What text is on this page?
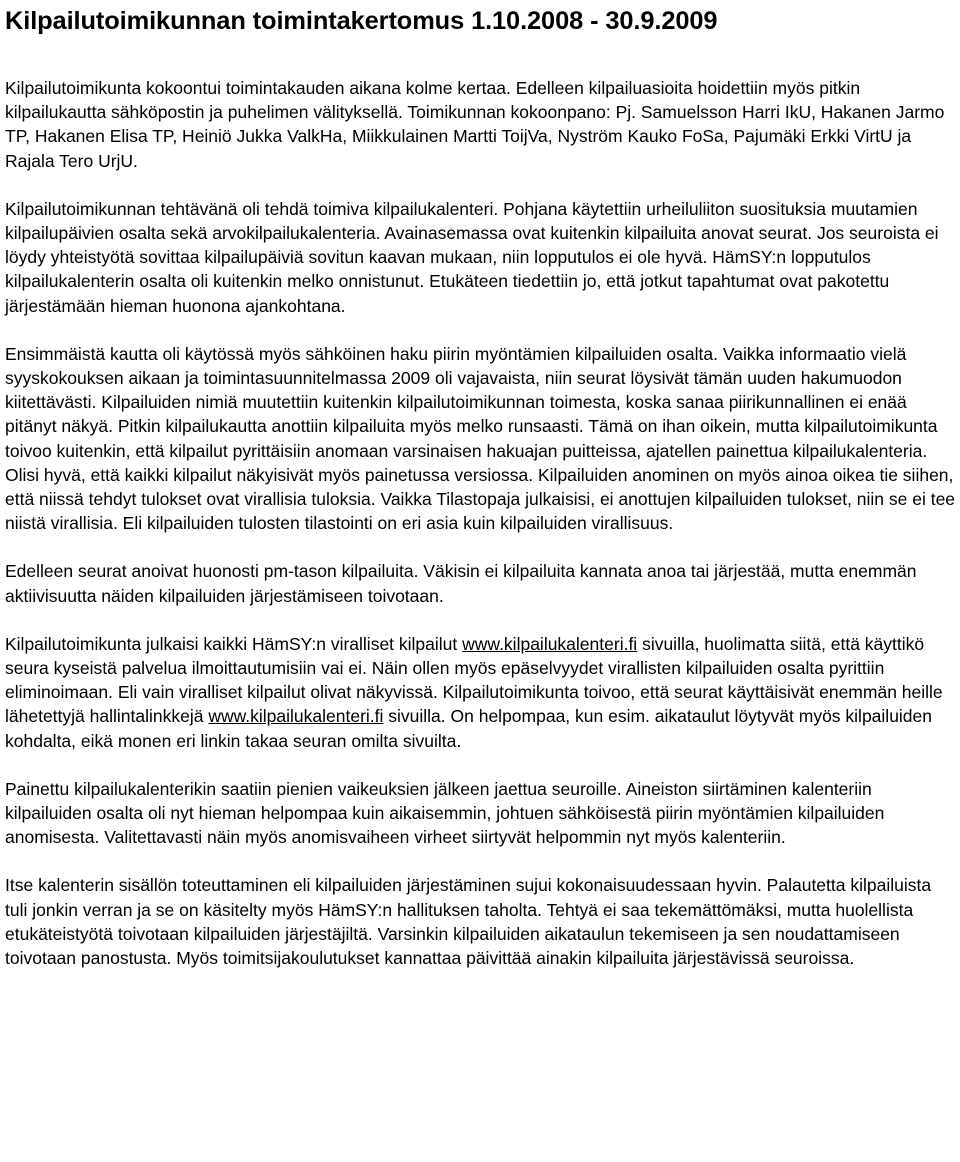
Kilpailutoimikunnan toimintakertomus 1.10.2008 - 30.9.2009

Kilpailutoimikunta kokoontui toimintakauden aikana kolme kertaa. Edelleen kilpailuasioita hoidettiin myös pitkin kilpailukautta sähköpostin ja puhelimen välityksellä. Toimikunnan kokoonpano: Pj. Samuelsson Harri IkU, Hakanen Jarmo TP, Hakanen Elisa TP, Heiniö Jukka ValkHa, Miikkulainen Martti ToijVa, Nyström Kauko FoSa, Pajumäki Erkki VirtU ja Rajala Tero UrjU.

Kilpailutoimikunnan tehtävänä oli tehdä toimiva kilpailukalenteri. Pohjana käytettiin urheiluliiton suosituksia muutamien kilpailupäivien osalta sekä arvokilpailukalenteria. Avainasemassa ovat kuitenkin kilpailuita anovat seurat. Jos seuroista ei löydy yhteistyötä sovittaa kilpailupäiviä sovitun kaavan mukaan, niin lopputulos ei ole hyvä. HämSY:n lopputulos kilpailukalenterin osalta oli kuitenkin melko onnistunut. Etukäteen tiedettiin jo, että jotkut tapahtumat ovat pakotettu järjestämään hieman huonona ajankohtana.

Ensimmäistä kautta oli käytössä myös sähköinen haku piirin myöntämien kilpailuiden osalta. Vaikka informaatio vielä syyskokouksen aikaan ja toimintasuunnitelmassa 2009 oli vajavaista, niin seurat löysivät tämän uuden hakumuodon kiitettävästi. Kilpailuiden nimiä muutettiin kuitenkin kilpailutoimikunnan toimesta, koska sanaa piirikunnallinen ei enää pitänyt näkyä. Pitkin kilpailukautta anottiin kilpailuita myös melko runsaasti. Tämä on ihan oikein, mutta kilpailutoimikunta toivoo kuitenkin, että kilpailut pyrittäisiin anomaan varsinaisen hakuajan puitteissa, ajatellen painettua kilpailukalenteria. Olisi hyvä, että kaikki kilpailut näkyisivät myös painetussa versiossa. Kilpailuiden anominen on myös ainoa oikea tie siihen, että niissä tehdyt tulokset ovat virallisia tuloksia. Vaikka Tilastopaja julkaisisi, ei anottujen kilpailuiden tulokset, niin se ei tee niistä virallisia. Eli kilpailuiden tulosten tilastointi on eri asia kuin kilpailuiden virallisuus.

Edelleen seurat anoivat huonosti pm-tason kilpailuita. Väkisin ei kilpailuita kannata anoa tai järjestää, mutta enemmän aktiivisuutta näiden kilpailuiden järjestämiseen toivotaan.

Kilpailutoimikunta julkaisi kaikki HämSY:n viralliset kilpailut www.kilpailukalenteri.fi sivuilla, huolimatta siitä, että käyttikö seura kyseistä palvelua ilmoittautumisiin vai ei. Näin ollen myös epäselvyydet virallisten kilpailuiden osalta pyrittiin eliminoimaan. Eli vain viralliset kilpailut olivat näkyvissä. Kilpailutoimikunta toivoo, että seurat käyttäisivät enemmän heille lähetettyjä hallintalinkkejä www.kilpailukalenteri.fi sivuilla. On helpompaa, kun esim. aikataulut löytyvät myös kilpailuiden kohdalta, eikä monen eri linkin takaa seuran omilta sivuilta.

Painettu kilpailukalenterikin saatiin pienien vaikeuksien jälkeen jaettua seuroille. Aineiston siirtäminen kalenteriin kilpailuiden osalta oli nyt hieman helpompaa kuin aikaisemmin, johtuen sähköisestä piirin myöntämien kilpailuiden anomisesta. Valitettavasti näin myös anomisvaiheen virheet siirtyvät helpommin nyt myös kalenteriin.

Itse kalenterin sisällön toteuttaminen eli kilpailuiden järjestäminen sujui kokonaisuudessaan hyvin. Palautetta kilpailuista tuli jonkin verran ja se on käsitelty myös HämSY:n hallituksen taholta. Tehtyä ei saa tekemättömäksi, mutta huolellista etukäteistyötä toivotaan kilpailuiden järjestäjiltä. Varsinkin kilpailuiden aikataulun tekemiseen ja sen noudattamiseen toivotaan panostusta. Myös toimitsijakoulutukset kannattaa päivittää ainakin kilpailuita järjestävissä seuroissa.
